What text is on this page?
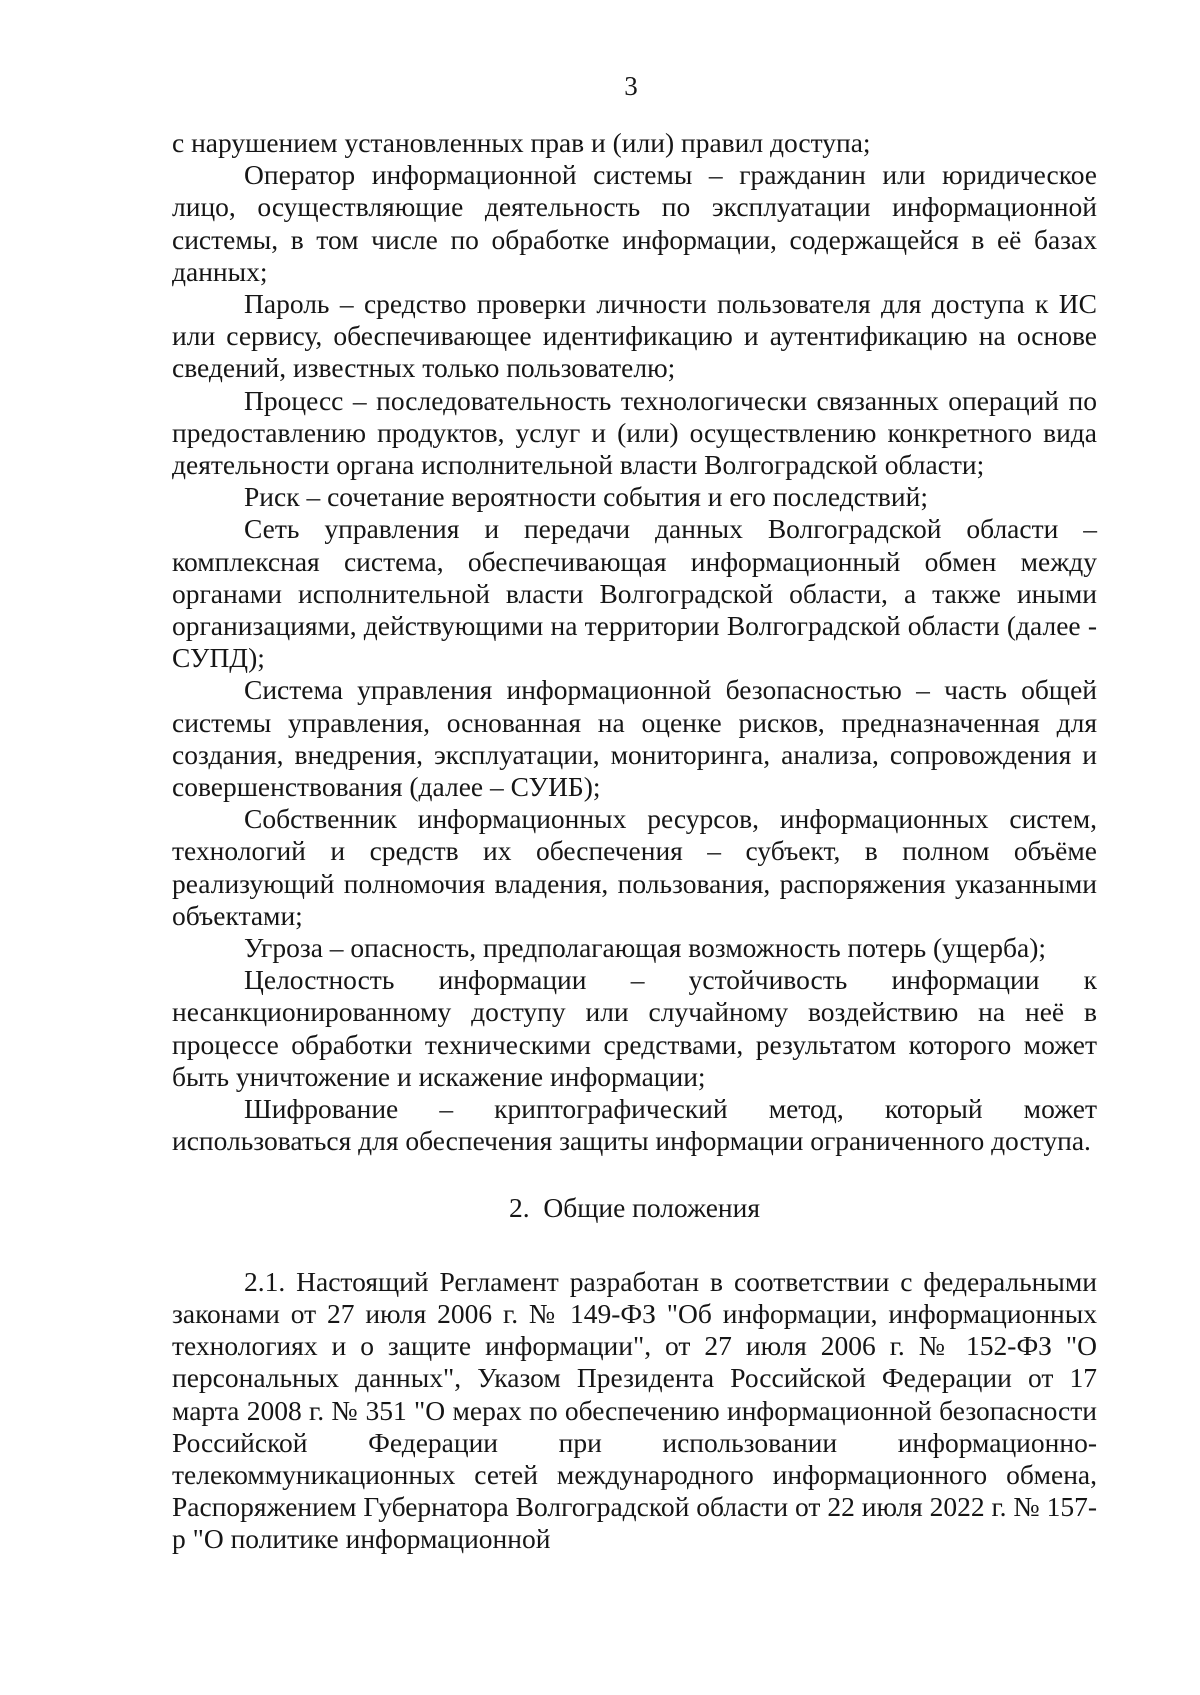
3

с нарушением установленных прав и (или) правил доступа;

Оператор информационной системы – гражданин или юридическое лицо, осуществляющие деятельность по эксплуатации информационной системы, в том числе по обработке информации, содержащейся в её базах данных;

Пароль – средство проверки личности пользователя для доступа к ИС или сервису, обеспечивающее идентификацию и аутентификацию на основе сведений, известных только пользователю;

Процесс – последовательность технологически связанных операций по предоставлению продуктов, услуг и (или) осуществлению конкретного вида деятельности органа исполнительной власти Волгоградской области;

Риск – сочетание вероятности события и его последствий;

Сеть управления и передачи данных Волгоградской области – комплексная система, обеспечивающая информационный обмен между органами исполнительной власти Волгоградской области, а также иными организациями, действующими на территории Волгоградской области (далее - СУПД);

Система управления информационной безопасностью – часть общей системы управления, основанная на оценке рисков, предназначенная для создания, внедрения, эксплуатации, мониторинга, анализа, сопровождения и совершенствования (далее – СУИБ);

Собственник информационных ресурсов, информационных систем, технологий и средств их обеспечения – субъект, в полном объёме реализующий полномочия владения, пользования, распоряжения указанными объектами;

Угроза – опасность, предполагающая возможность потерь (ущерба);

Целостность информации – устойчивость информации к несанкционированному доступу или случайному воздействию на неё в процессе обработки техническими средствами, результатом которого может быть уничтожение и искажение информации;

Шифрование – криптографический метод, который может использоваться для обеспечения защиты информации ограниченного доступа.

2. Общие положения

2.1. Настоящий Регламент разработан в соответствии с федеральными законами от 27 июля 2006 г. № 149-ФЗ "Об информации, информационных технологиях и о защите информации", от 27 июля 2006 г. № 152-ФЗ "О персональных данных", Указом Президента Российской Федерации от 17 марта 2008 г. № 351 "О мерах по обеспечению информационной безопасности Российской Федерации при использовании информационно-телекоммуникационных сетей международного информационного обмена, Распоряжением Губернатора Волгоградской области от 22 июля 2022 г. № 157-р "О политике информационной
